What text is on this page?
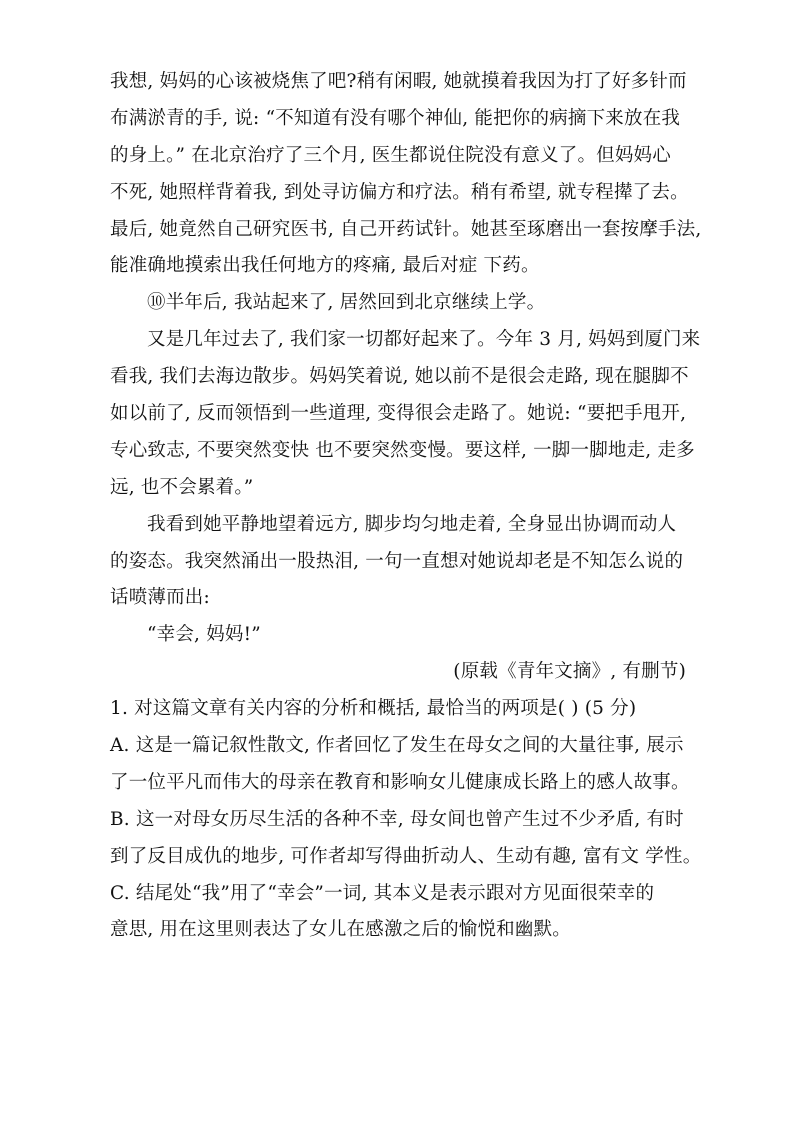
我想, 妈妈的心该被烧焦了吧?稍有闲暇, 她就摸着我因为打了好多针而
布满淤青的手, 说: “不知道有没有哪个神仙, 能把你的病摘下来放在我
的身上。” 在北京治疗了三个月, 医生都说住院没有意义了。但妈妈心
不死, 她照样背着我, 到处寻访偏方和疗法。稍有希望, 就专程撵了去。
最后, 她竟然自己研究医书, 自己开药试针。她甚至琢磨出一套按摩手法,
能准确地摸索出我任何地方的疼痛, 最后对症 下药。
⑩半年后, 我站起来了, 居然回到北京继续上学。
又是几年过去了, 我们家一切都好起来了。今年 3 月, 妈妈到厦门来
看我, 我们去海边散步。妈妈笑着说, 她以前不是很会走路, 现在腿脚不
如以前了, 反而领悟到一些道理, 变得很会走路了。她说: “要把手甩开,
专心致志, 不要突然变快 也不要突然变慢。要这样, 一脚一脚地走, 走多
远, 也不会累着。”
我看到她平静地望着远方, 脚步均匀地走着, 全身显出协调而动人
的姿态。我突然涌出一股热泪, 一句一直想对她说却老是不知怎么说的
话喷薄而出:
“幸会, 妈妈!”
(原载《青年文摘》, 有删节)
1. 对这篇文章有关内容的分析和概括, 最恰当的两项是( ) (5 分)
A. 这是一篇记叙性散文, 作者回忆了发生在母女之间的大量往事, 展示
了一位平凡而伟大的母亲在教育和影响女儿健康成长路上的感人故事。
B. 这一对母女历尽生活的各种不幸, 母女间也曾产生过不少矛盾, 有时
到了反目成仇的地步, 可作者却写得曲折动人、生动有趣, 富有文 学性。
C. 结尾处“我”用了“幸会”一词, 其本义是表示跟对方见面很荣幸的
意思, 用在这里则表达了女儿在感激之后的愉悦和幽默。
